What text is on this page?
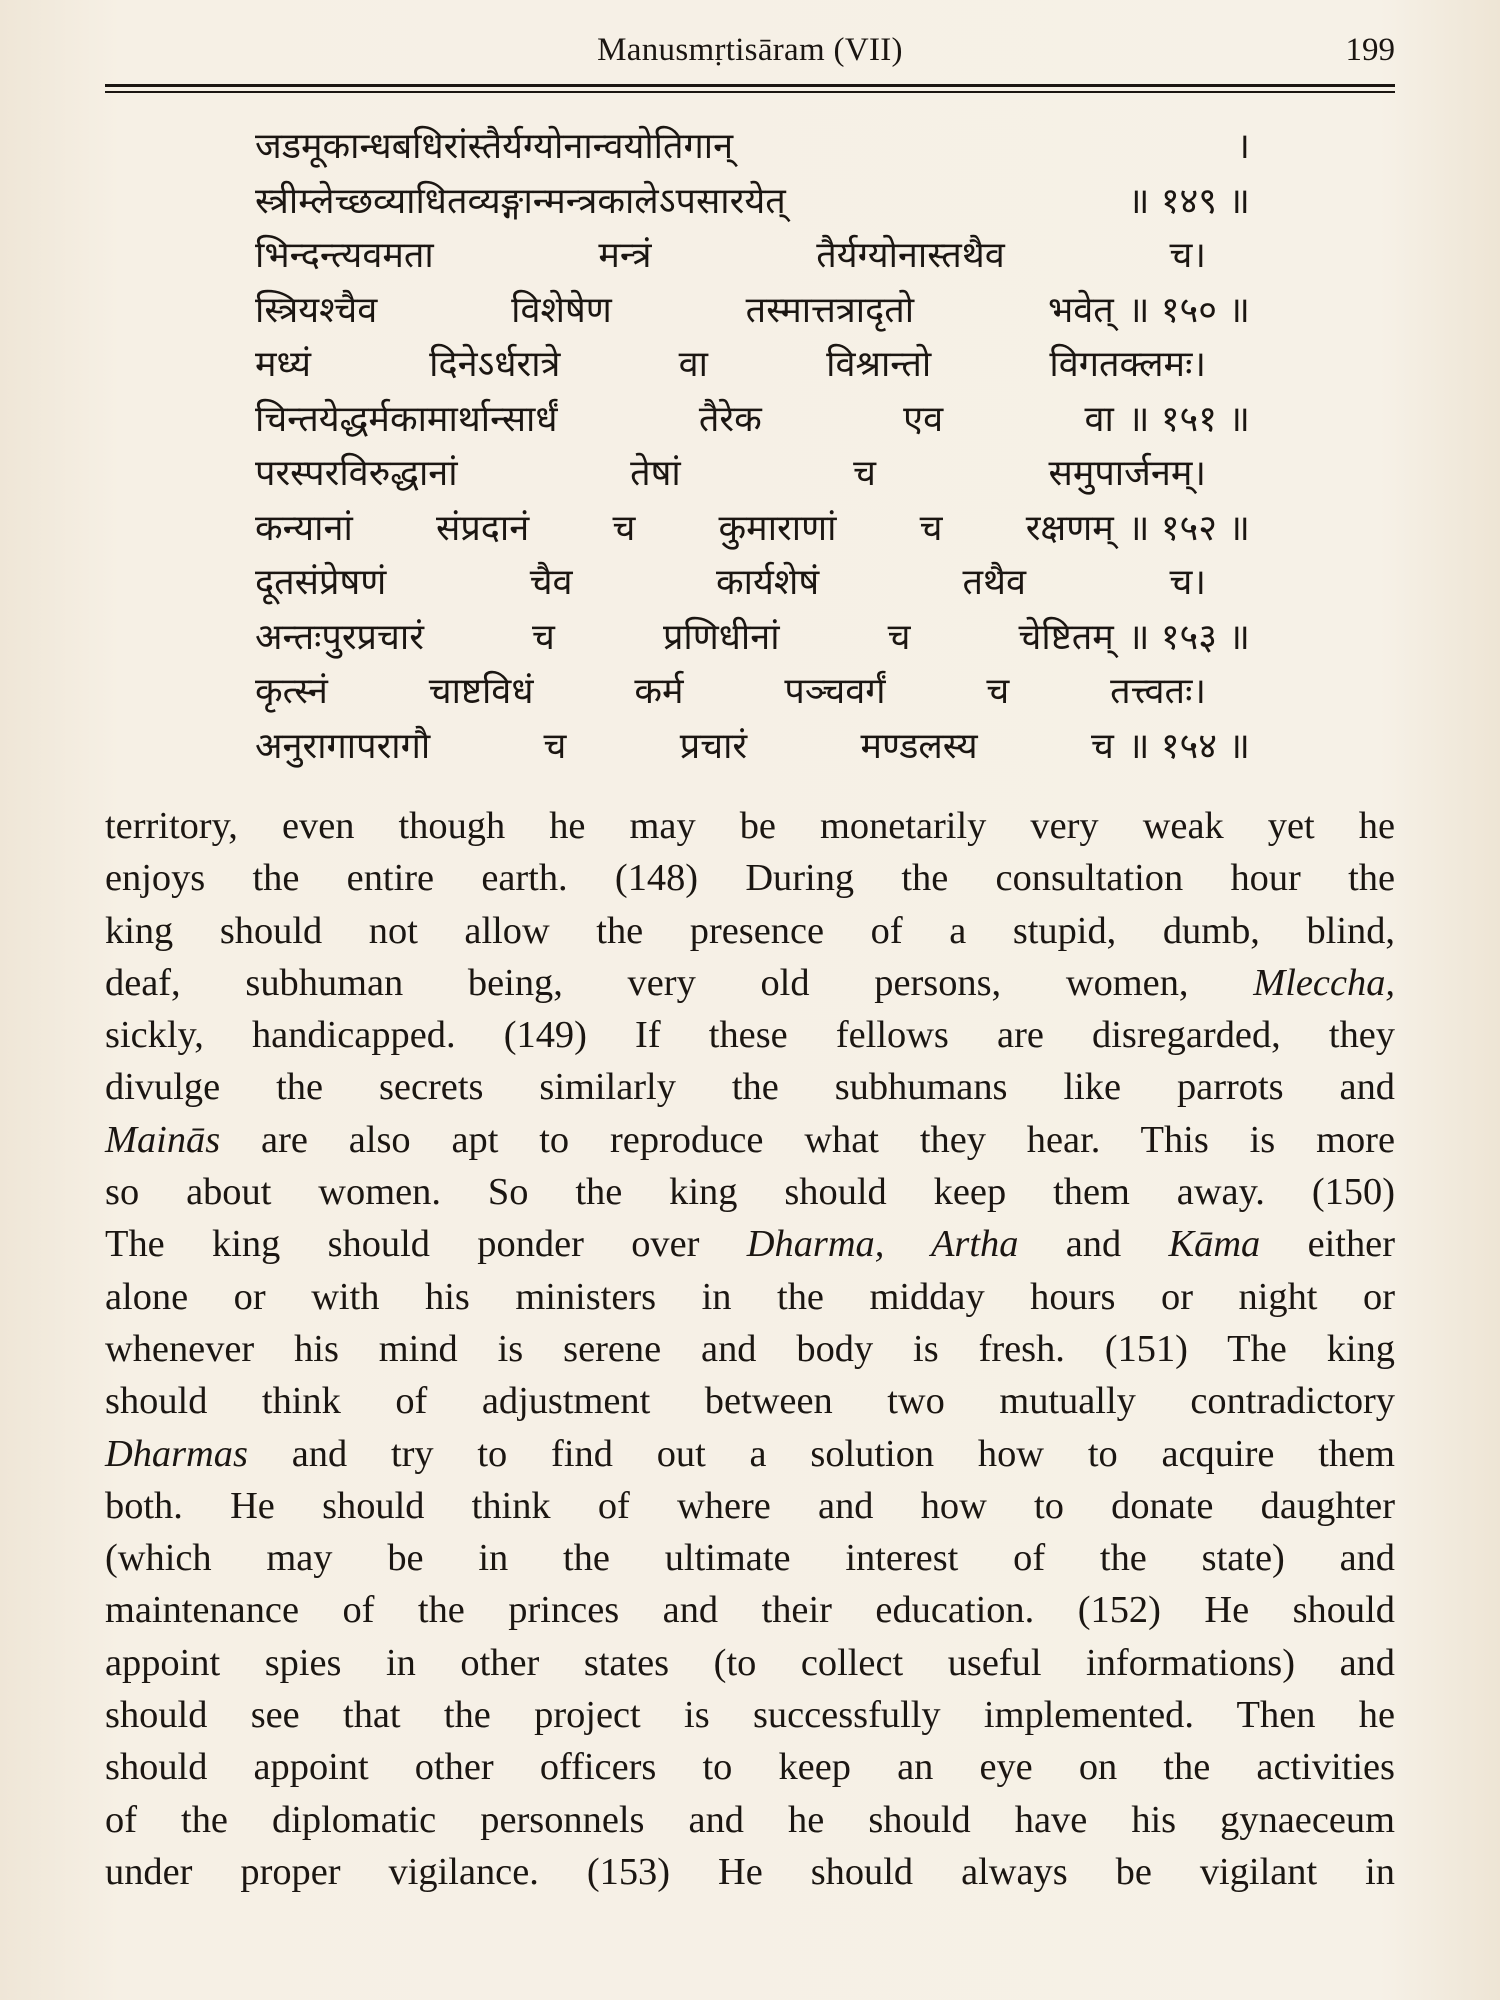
Manusmṛtisāram (VII)	199
जडमूकान्धबधिरांस्तैर्यग्योनान्वयोतिगान्	।
स्त्रीम्लेच्छव्याधितव्यङ्गान्मन्त्रकालेऽपसारयेत्	॥ १४९ ॥
भिन्दन्त्यवमता मन्त्रं तैर्यग्योनास्तथैव च।
स्त्रियश्चैव विशेषेण तस्मात्तत्रादृतो भवेत् ॥ १५० ॥
मध्यं दिनेऽर्धरात्रे वा विश्रान्तो विगतक्लमः।
चिन्तयेद्धर्मकामार्थान्सार्धं तैरेक एव वा ॥ १५१ ॥
परस्परविरुद्धानां तेषां च समुपार्जनम्।
कन्यानां संप्रदानं च कुमाराणां च रक्षणम् ॥ १५२ ॥
दूतसंप्रेषणं चैव कार्यशेषं तथैव च।
अन्तःपुरप्रचारं च प्रणिधीनां च चेष्टितम् ॥ १५३ ॥
कृत्स्नं चाष्टविधं कर्म पञ्चवर्गं च तत्त्वतः।
अनुरागापरागौ च प्रचारं मण्डलस्य च ॥ १५४ ॥
territory, even though he may be monetarily very weak yet he
enjoys the entire earth. (148) During the consultation hour the
king should not allow the presence of a stupid, dumb, blind,
deaf, subhuman being, very old persons, women, Mleccha,
sickly, handicapped. (149) If these fellows are disregarded, they
divulge the secrets similarly the subhumans like parrots and
Mainās are also apt to reproduce what they hear. This is more
so about women. So the king should keep them away. (150)
The king should ponder over Dharma, Artha and Kāma either
alone or with his ministers in the midday hours or night or
whenever his mind is serene and body is fresh. (151) The king
should think of adjustment between two mutually contradictory
Dharmas and try to find out a solution how to acquire them
both. He should think of where and how to donate daughter
(which may be in the ultimate interest of the state) and
maintenance of the princes and their education. (152) He should
appoint spies in other states (to collect useful informations) and
should see that the project is successfully implemented. Then he
should appoint other officers to keep an eye on the activities
of the diplomatic personnels and he should have his gynaeceum
under proper vigilance. (153) He should always be vigilant in
